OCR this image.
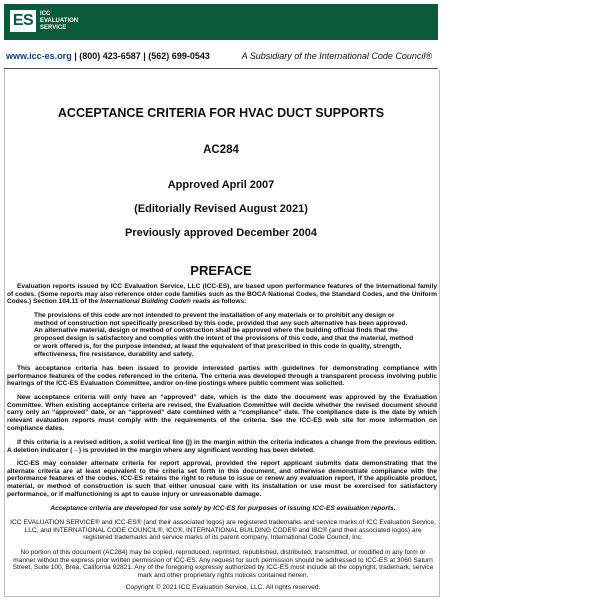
ES	ICC
EVALUATION
SERVICE
www.icc-es.org | (800) 423-6587 | (562) 699-0543	A Subsidiary of the International Code Council®
ACCEPTANCE CRITERIA FOR HVAC DUCT SUPPORTS
AC284
Approved April 2007
(Editorially Revised August 2021)
Previously approved December 2004
PREFACE
Evaluation reports issued by ICC Evaluation Service, LLC (ICC-ES), are based upon performance features of the International family of codes. (Some reports may also reference older code families such as the BOCA National Codes, the Standard Codes, and the Uniform Codes.) Section 104.11 of the International Building Code® reads as follows:
The provisions of this code are not intended to prevent the installation of any materials or to prohibit any design or method of construction not specifically prescribed by this code, provided that any such alternative has been approved. An alternative material, design or method of construction shall be approved where the building official finds that the proposed design is satisfactory and complies with the intent of the provisions of this code, and that the material, method or work offered is, for the purpose intended, at least the equivalent of that prescribed in this code in quality, strength, effectiveness, fire resistance, durability and safety.
This acceptance criteria has been issued to provide interested parties with guidelines for demonstrating compliance with performance features of the codes referenced in the criteria. The criteria was developed through a transparent process involving public hearings of the ICC-ES Evaluation Committee, and/or on-line postings where public comment was solicited.
New acceptance criteria will only have an “approved” date, which is the date the document was approved by the Evaluation Committee. When existing acceptance criteria are revised, the Evaluation Committee will decide whether the revised document should carry only an “approved” date, or an “approved” date combined with a “compliance” date. The compliance date is the date by which relevant evaluation reports must comply with the requirements of the criteria. See the ICC-ES web site for more information on compliance dates.
If this criteria is a revised edition, a solid vertical line (|) in the margin within the criteria indicates a change from the previous edition. A deletion indicator (→) is provided in the margin where any significant wording has been deleted.
ICC-ES may consider alternate criteria for report approval, provided the report applicant submits data demonstrating that the alternate criteria are at least equivalent to the criteria set forth in this document, and otherwise demonstrate compliance with the performance features of the codes. ICC-ES retains the right to refuse to issue or renew any evaluation report, if the applicable product, material, or method of construction is such that either unusual care with its installation or use must be exercised for satisfactory performance, or if malfunctioning is apt to cause injury or unreasonable damage.
Acceptance criteria are developed for use solely by ICC-ES for purposes of issuing ICC-ES evaluation reports.
ICC EVALUATION SERVICE® and ICC-ES® (and their associated logos) are registered trademarks and service marks of ICC Evaluation Service, LLC, and INTERNATIONAL CODE COUNCIL®, ICC®, INTERNATIONAL BUILDING CODE® and IBC® (and their associated logos) are registered trademarks and service marks of its parent company, International Code Council, Inc.
No portion of this document (AC284) may be copied, reproduced, reprinted, republished, distributed, transmitted, or modified in any form or manner without the express prior written permission of ICC-ES. Any request for such permission should be addressed to ICC-ES at 3060 Saturn Street, Suite 100, Brea, California 92821. Any of the foregoing expressly authorized by ICC-ES must include all the copyright, trademark, service mark and other proprietary rights notices contained herein.
Copyright © 2021 ICC Evaluation Service, LLC. All rights reserved.
